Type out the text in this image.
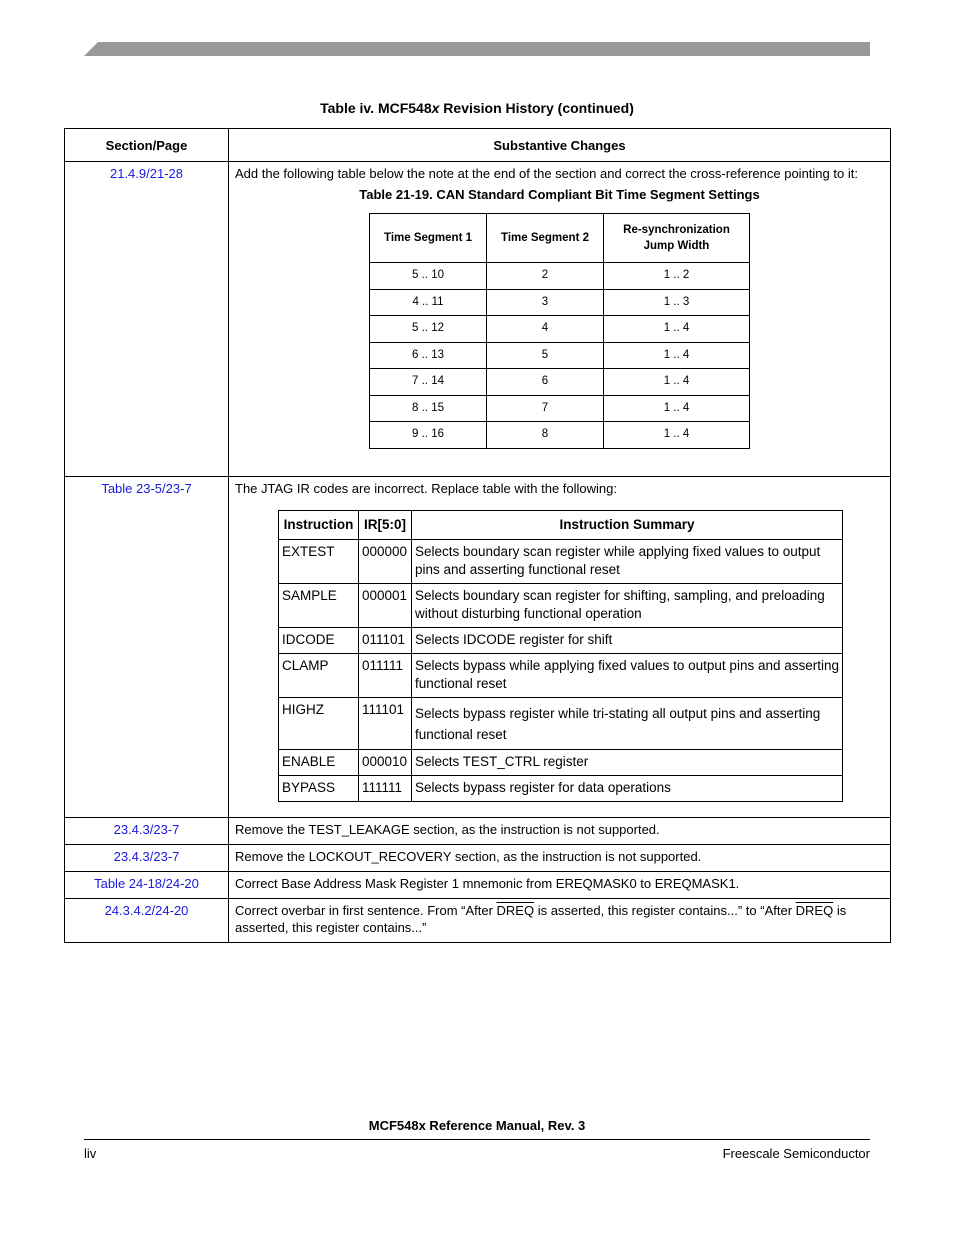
Table iv. MCF548x Revision History (continued)
Section/Page	Substantive Changes
21.4.9/21-28	Add the following table below the note at the end of the section and correct the cross-reference pointing to it:
Table 21-19. CAN Standard Compliant Bit Time Segment Settings
Time Segment 1	Time Segment 2	Re-synchronization Jump Width
5 .. 10	2	1 .. 2
4 .. 11	3	1 .. 3
5 .. 12	4	1 .. 4
6 .. 13	5	1 .. 4
7 .. 14	6	1 .. 4
8 .. 15	7	1 .. 4
9 .. 16	8	1 .. 4

Table 23-5/23-7	The JTAG IR codes are incorrect. Replace table with the following:
Instruction	IR[5:0]	Instruction Summary
EXTEST	000000	Selects boundary scan register while applying fixed values to output pins and asserting functional reset
SAMPLE	000001	Selects boundary scan register for shifting, sampling, and preloading without disturbing functional operation
IDCODE	011101	Selects IDCODE register for shift
CLAMP	011111	Selects bypass while applying fixed values to output pins and asserting functional reset
HIGHZ	111101	Selects bypass register while tri-stating all output pins and asserting functional reset
ENABLE	000010	Selects TEST_CTRL register
BYPASS	111111	Selects bypass register for data operations

23.4.3/23-7	Remove the TEST_LEAKAGE section, as the instruction is not supported.
23.4.3/23-7	Remove the LOCKOUT_RECOVERY section, as the instruction is not supported.
Table 24-18/24-20	Correct Base Address Mask Register 1 mnemonic from EREQMASK0 to EREQMASK1.
24.3.4.2/24-20	Correct overbar in first sentence. From “After DREQ is asserted, this register contains...” to “After DREQ is asserted, this register contains...”
MCF548x Reference Manual, Rev. 3
liv	Freescale Semiconductor
